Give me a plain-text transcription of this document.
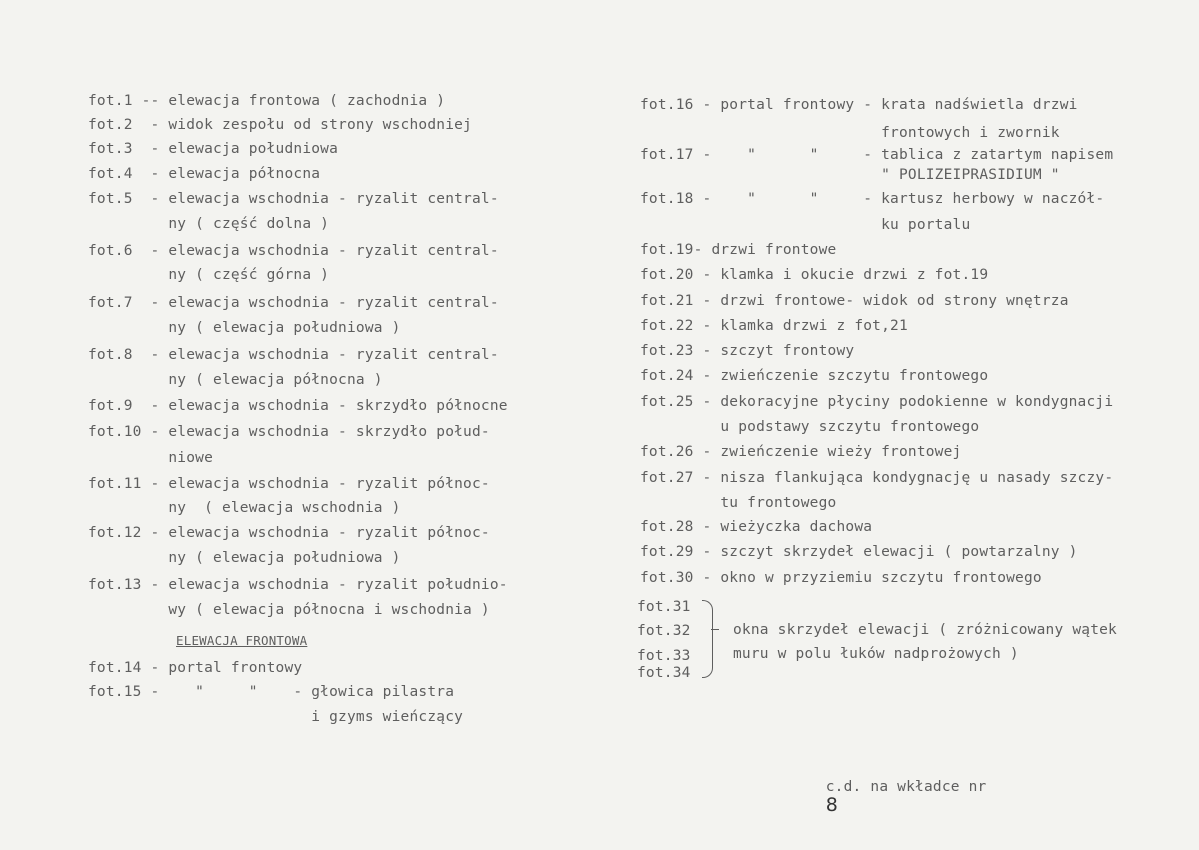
fot.1 -- elewacja frontowa ( zachodnia )
fot.2  - widok zespołu od strony wschodniej
fot.3  - elewacja południowa
fot.4  - elewacja północna
fot.5  - elewacja wschodnia - ryzalit central-
ny ( część dolna )
fot.6  - elewacja wschodnia - ryzalit central-
ny ( część górna )
fot.7  - elewacja wschodnia - ryzalit central-
ny ( elewacja południowa )
fot.8  - elewacja wschodnia - ryzalit central-
ny ( elewacja północna )
fot.9  - elewacja wschodnia - skrzydło północne
fot.10 - elewacja wschodnia - skrzydło połud-
niowe
fot.11 - elewacja wschodnia - ryzalit północ-
ny  ( elewacja wschodnia )
fot.12 - elewacja wschodnia - ryzalit północ-
ny ( elewacja południowa )
fot.13 - elewacja wschodnia - ryzalit południo-
wy ( elewacja północna i wschodnia )
ELEWACJA FRONTOWA
fot.14 - portal frontowy
fot.15 -    "     "    - głowica pilastra
i gzyms wieńczący
fot.16 - portal frontowy - krata nadświetla drzwi
frontowych i zwornik
fot.17 -    "      "     - tablica z zatartym napisem
" POLIZEIPRASIDIUM "
fot.18 -    "      "     - kartusz herbowy w naczół-
ku portalu
fot.19- drzwi frontowe
fot.20 - klamka i okucie drzwi z fot.19
fot.21 - drzwi frontowe- widok od strony wnętrza
fot.22 - klamka drzwi z fot,21
fot.23 - szczyt frontowy
fot.24 - zwieńczenie szczytu frontowego
fot.25 - dekoracyjne płyciny podokienne w kondygnacji
u podstawy szczytu frontowego
fot.26 - zwieńczenie wieży frontowej
fot.27 - nisza flankująca kondygnację u nasady szczy-
tu frontowego
fot.28 - wieżyczka dachowa
fot.29 - szczyt skrzydeł elewacji ( powtarzalny )
fot.30 - okno w przyziemiu szczytu frontowego
fot.31
fot.32
fot.33
fot.34
okna skrzydeł elewacji ( zróżnicowany wątek
muru w polu łuków nadprożowych )

c.d. na wkładce nr
8
